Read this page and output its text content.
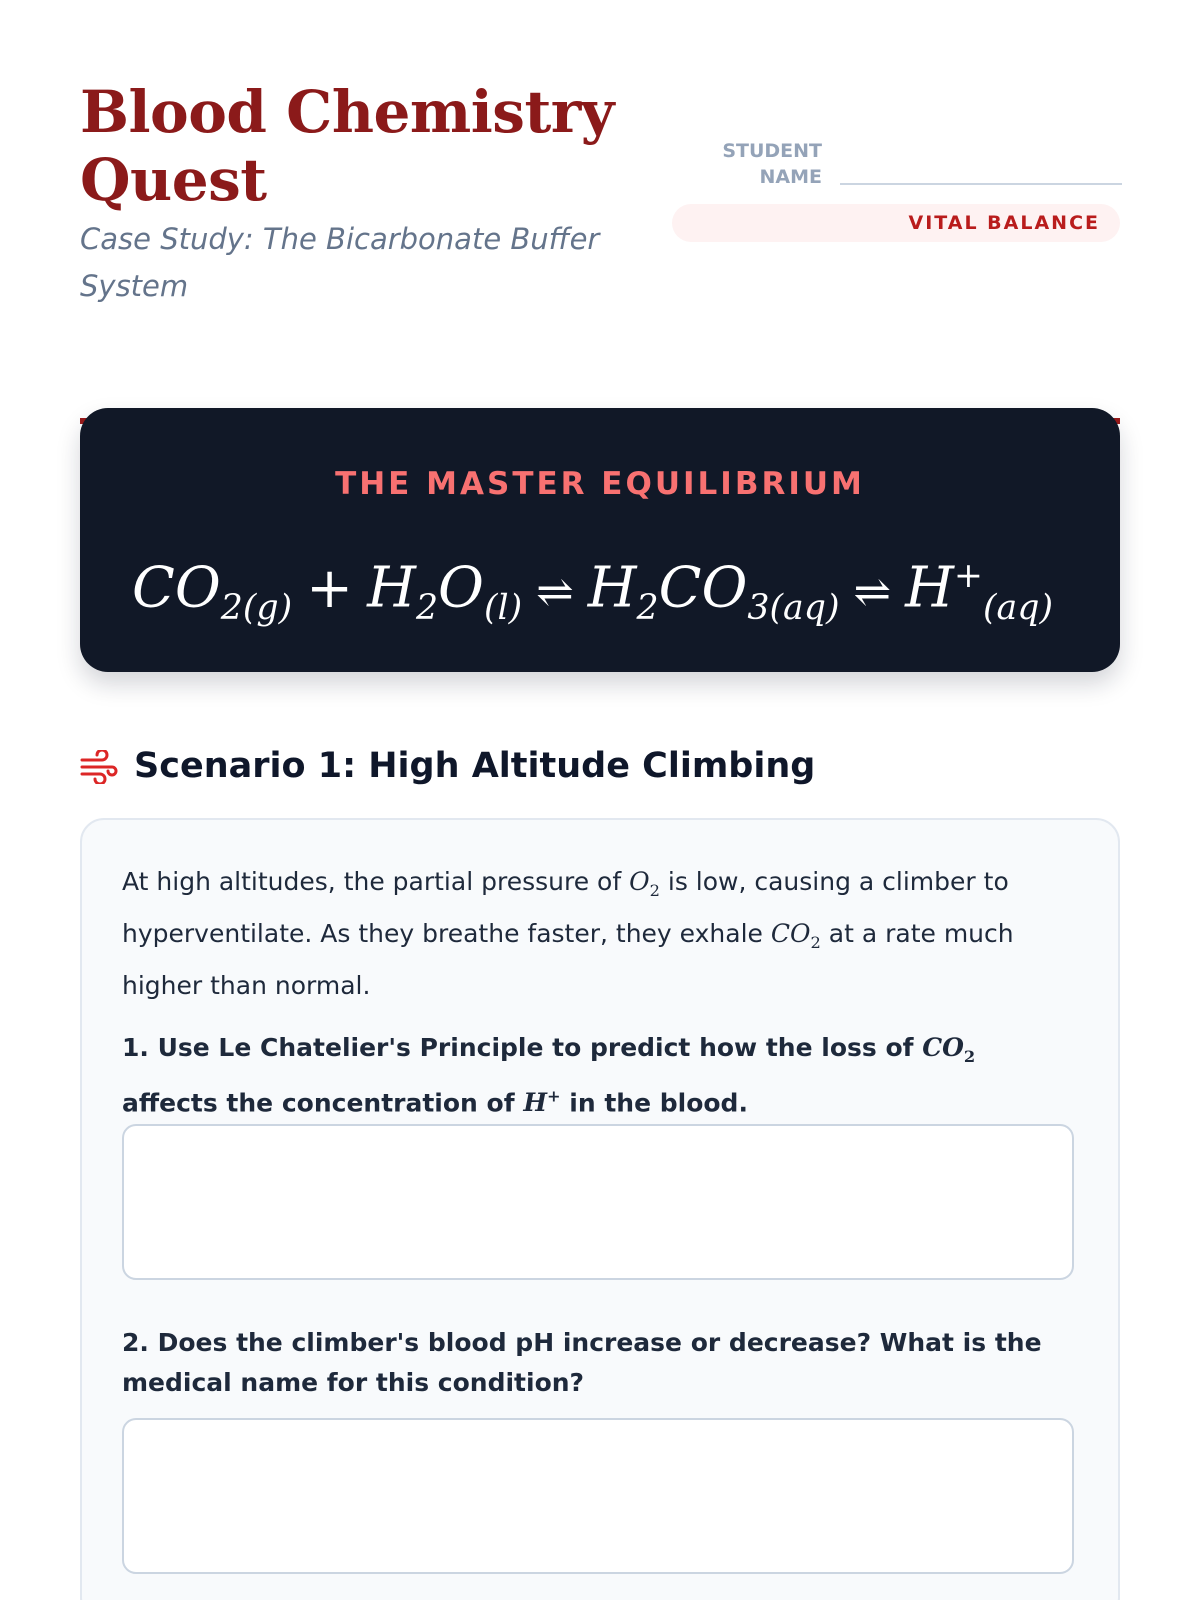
Blood Chemistry Quest

Case Study: The Bicarbonate Buffer System

STUDENT NAME
VITAL BALANCE
THE MASTER EQUILIBRIUM
$CO_{2(g)} + H_2O_{(l)}$ ⇌ $H_2CO_{3(aq)}$ ⇌ $H^+_{(aq)}$
Scenario 1: High Altitude Climbing

At high altitudes, the partial pressure of $O_2$ is low, causing a climber to hyperventilate. As they breathe faster, they exhale $CO_2$ at a rate much higher than normal.

1. Use Le Chatelier's Principle to predict how the loss of $CO_2$ affects the concentration of H+ in the blood.

2. Does the climber's blood pH increase or decrease? What is the medical name for this condition?
